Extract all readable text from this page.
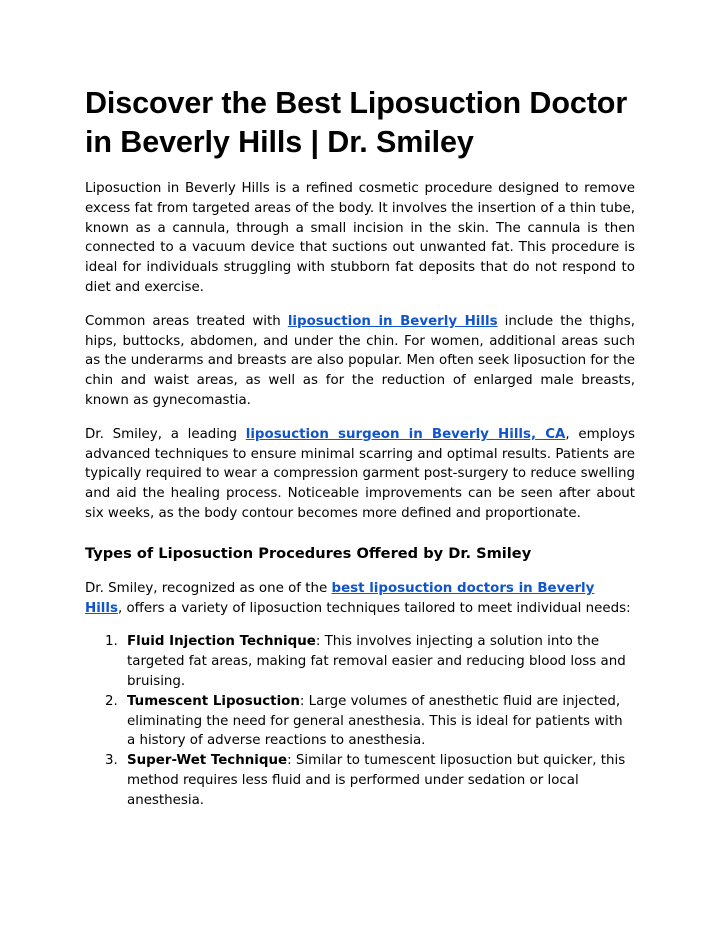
Discover the Best Liposuction Doctor in Beverly Hills | Dr. Smiley

Liposuction in Beverly Hills is a refined cosmetic procedure designed to remove excess fat from targeted areas of the body. It involves the insertion of a thin tube, known as a cannula, through a small incision in the skin. The cannula is then connected to a vacuum device that suctions out unwanted fat. This procedure is ideal for individuals struggling with stubborn fat deposits that do not respond to diet and exercise.

Common areas treated with liposuction in Beverly Hills include the thighs, hips, buttocks, abdomen, and under the chin. For women, additional areas such as the underarms and breasts are also popular. Men often seek liposuction for the chin and waist areas, as well as for the reduction of enlarged male breasts, known as gynecomastia.

Dr. Smiley, a leading liposuction surgeon in Beverly Hills, CA, employs advanced techniques to ensure minimal scarring and optimal results. Patients are typically required to wear a compression garment post-surgery to reduce swelling and aid the healing process. Noticeable improvements can be seen after about six weeks, as the body contour becomes more defined and proportionate.

Types of Liposuction Procedures Offered by Dr. Smiley

Dr. Smiley, recognized as one of the best liposuction doctors in Beverly Hills, offers a variety of liposuction techniques tailored to meet individual needs:

1. Fluid Injection Technique: This involves injecting a solution into the targeted fat areas, making fat removal easier and reducing blood loss and bruising.
2. Tumescent Liposuction: Large volumes of anesthetic fluid are injected, eliminating the need for general anesthesia. This is ideal for patients with a history of adverse reactions to anesthesia.
3. Super-Wet Technique: Similar to tumescent liposuction but quicker, this method requires less fluid and is performed under sedation or local anesthesia.
